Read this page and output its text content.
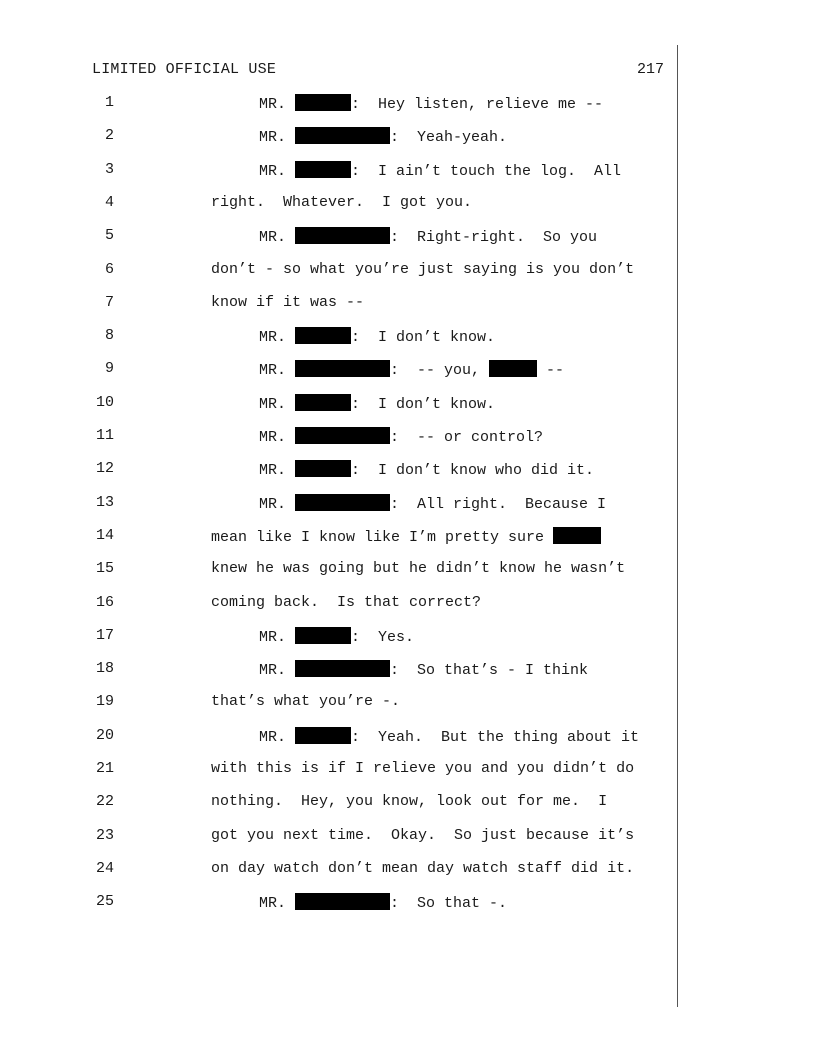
LIMITED OFFICIAL USE	217
1	MR.	:  Hey listen, relieve me --
2	MR.	:  Yeah-yeah.
3	MR.	:  I ain’t touch the log.  All
4	right.  Whatever.  I got you.
5	MR.	:  Right-right.  So you
6	don’t - so what you’re just saying is you don’t
7	know if it was --
8	MR.	:  I don’t know.
9	MR.	:  -- you,	--
10	MR.	:  I don’t know.
11	MR.	:  -- or control?
12	MR.	:  I don’t know who did it.
13	MR.	:  All right.  Because I
14	mean like I know like I’m pretty sure
15	knew he was going but he didn’t know he wasn’t
16	coming back.  Is that correct?
17	MR.	:  Yes.
18	MR.	:  So that’s - I think
19	that’s what you’re -.
20	MR.	:  Yeah.  But the thing about it
21	with this is if I relieve you and you didn’t do
22	nothing.  Hey, you know, look out for me.  I
23	got you next time.  Okay.  So just because it’s
24	on day watch don’t mean day watch staff did it.
25	MR.	:  So that -.
